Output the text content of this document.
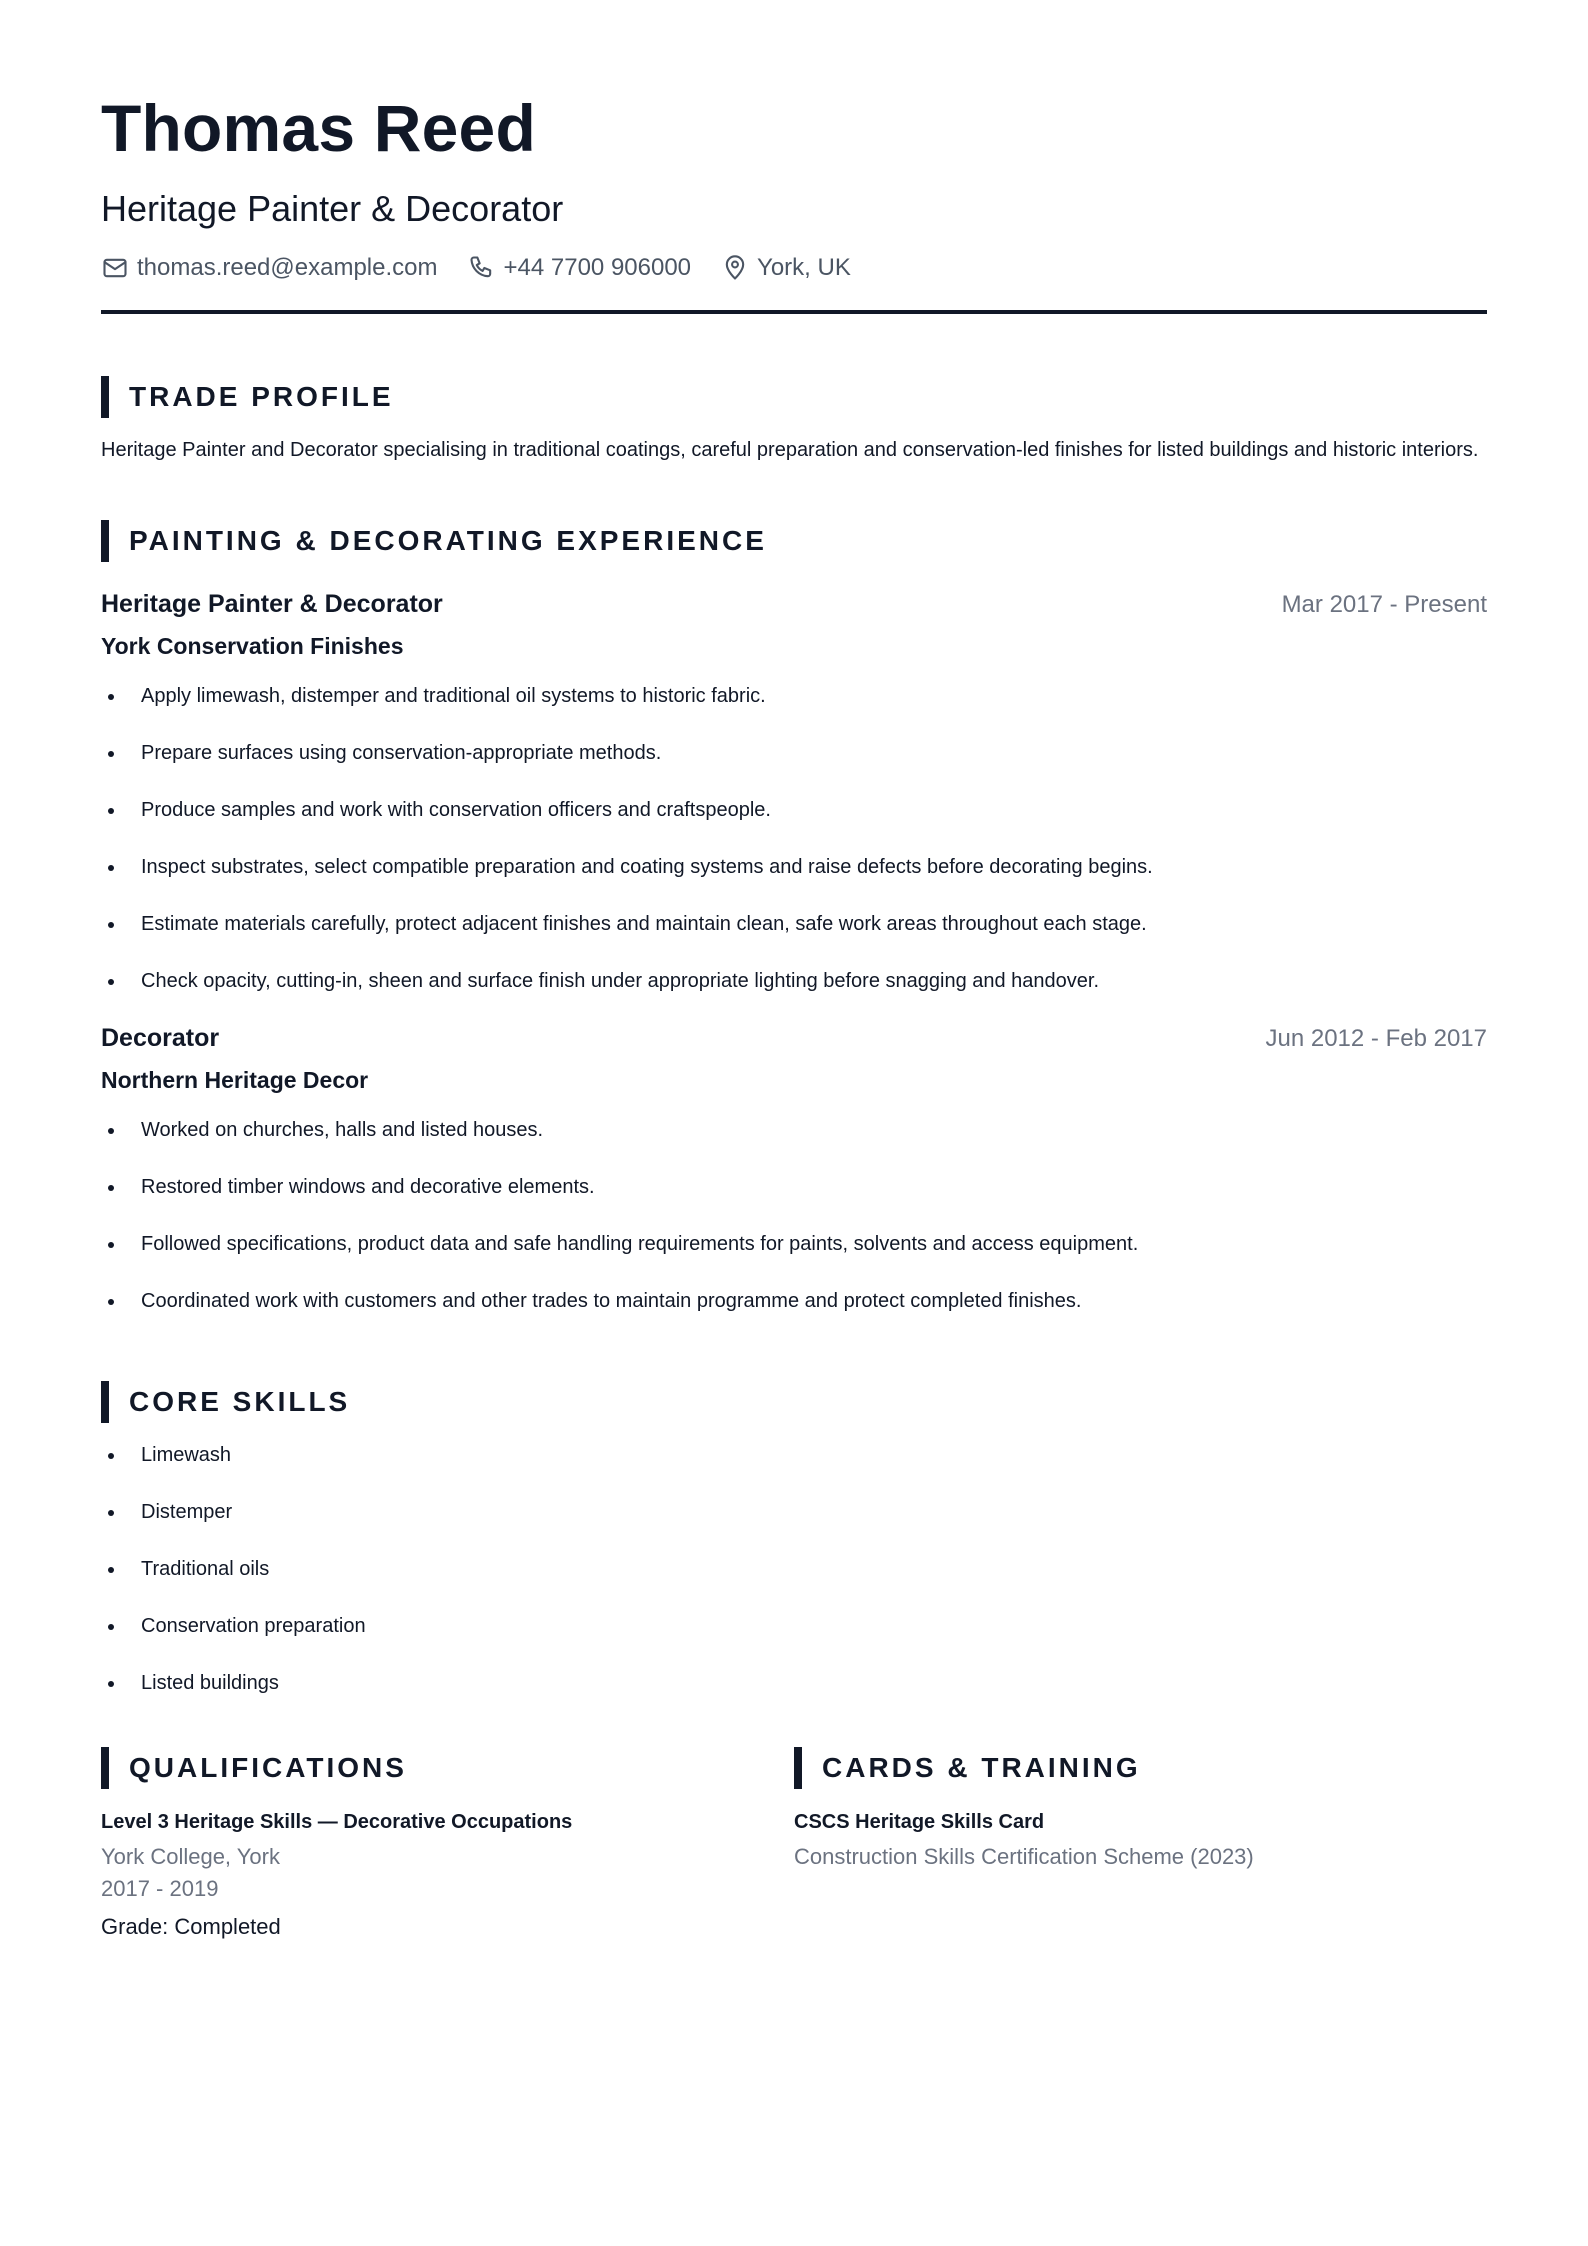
Thomas Reed
Heritage Painter & Decorator
thomas.reed@example.com	+44 7700 906000	York, UK
TRADE PROFILE
Heritage Painter and Decorator specialising in traditional coatings, careful preparation and conservation-led finishes for listed buildings and historic interiors.
PAINTING & DECORATING EXPERIENCE
Heritage Painter & Decorator	Mar 2017 - Present
York Conservation Finishes
Apply limewash, distemper and traditional oil systems to historic fabric.
Prepare surfaces using conservation-appropriate methods.
Produce samples and work with conservation officers and craftspeople.
Inspect substrates, select compatible preparation and coating systems and raise defects before decorating begins.
Estimate materials carefully, protect adjacent finishes and maintain clean, safe work areas throughout each stage.
Check opacity, cutting-in, sheen and surface finish under appropriate lighting before snagging and handover.
Decorator	Jun 2012 - Feb 2017
Northern Heritage Decor
Worked on churches, halls and listed houses.
Restored timber windows and decorative elements.
Followed specifications, product data and safe handling requirements for paints, solvents and access equipment.
Coordinated work with customers and other trades to maintain programme and protect completed finishes.
CORE SKILLS
Limewash
Distemper
Traditional oils
Conservation preparation
Listed buildings
QUALIFICATIONS
Level 3 Heritage Skills — Decorative Occupations
York College, York
2017 - 2019
Grade: Completed
CARDS & TRAINING
CSCS Heritage Skills Card
Construction Skills Certification Scheme (2023)
